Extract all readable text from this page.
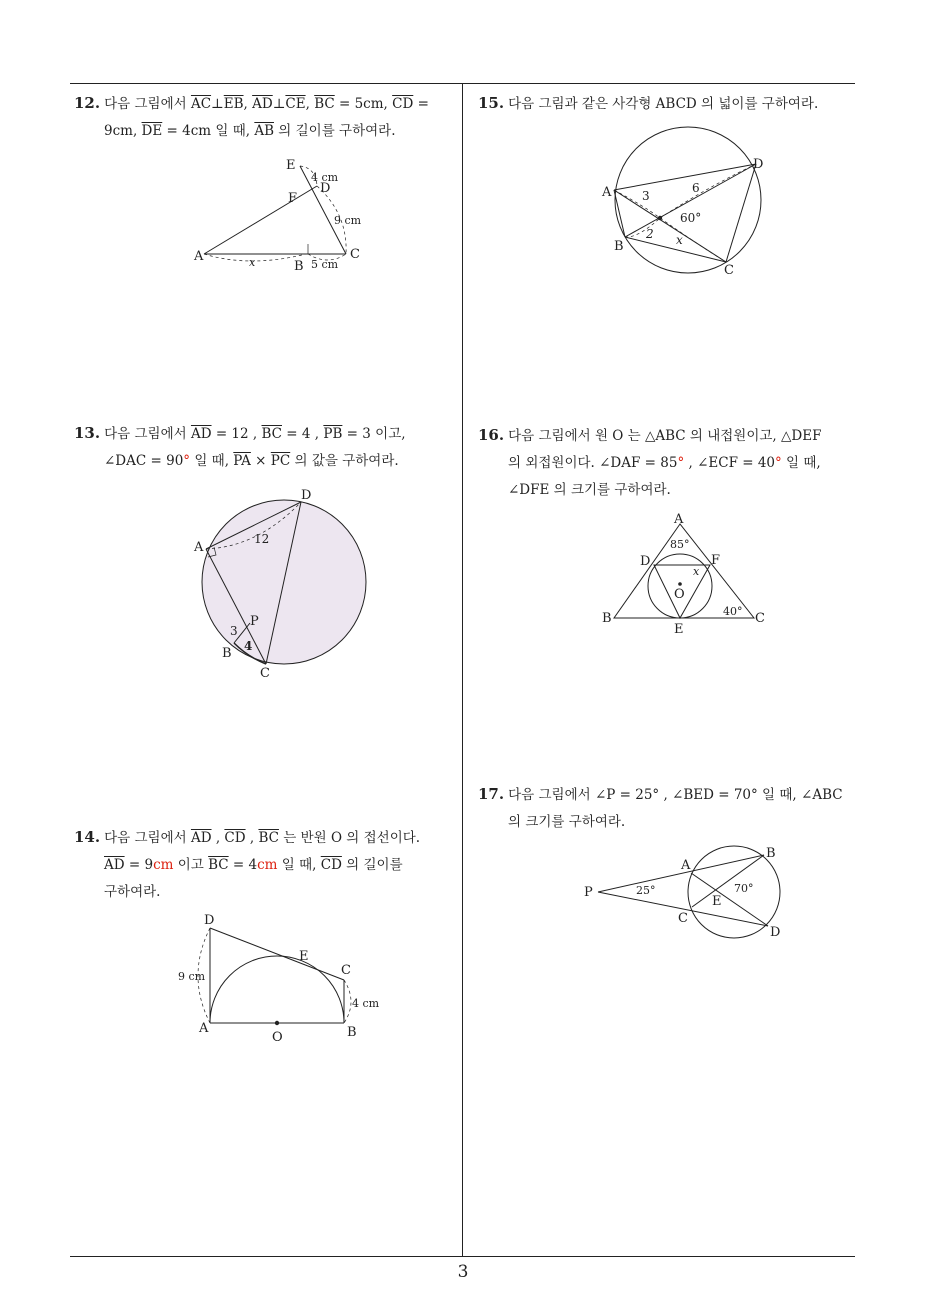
12. 다음 그림에서 $\overline{AC}\perp\overline{EB}$, $\overline{AD}\perp\overline{CE}$, $\overline{BC} = 5cm$, $\overline{CD}$ =
9cm, $\overline{DE} = 4cm$ 일 때, $\overline{AB}$ 의 길이를 구하여라.
E
D
F
A
B
C
4 cm
9 cm
5 cm
x
13. 다음 그림에서 $\overline{AD} = 12$ , $\overline{BC} = 4$ , $\overline{PB} = 3$ 이고,
∠DAC = 90° 일 때, $\overline{PA} \times \overline{PC}$ 의 값을 구하여라.
D
A
P
B
C
12
3
4
14. 다음 그림에서 $\overline{AD}$ , $\overline{CD}$ , $\overline{BC}$ 는 반원 O 의 접선이다.
$\overline{AD} = 9cm$ 이고 $\overline{BC} = 4cm$ 일 때, $\overline{CD}$ 의 길이를
구하여라.
D
E
C
A
O	B
9 cm
4 cm
15. 다음 그림과 같은 사각형 ABCD 의 넓이를 구하여라.
A
D
B
C
3
6
2 x
60°
16. 다음 그림에서 원 O 는 △ABC 의 내접원이고, △DEF
의 외접원이다. ∠DAF = 85° , ∠ECF = 40° 일 때,
∠DFE 의 크기를 구하여라.
A
D	F
O
B
E
C
85°
40°
x
17. 다음 그림에서 ∠P = 25° , ∠BED = 70° 일 때, ∠ABC
의 크기를 구하여라.
P
A
B
C
E
D
25°	70°
3
